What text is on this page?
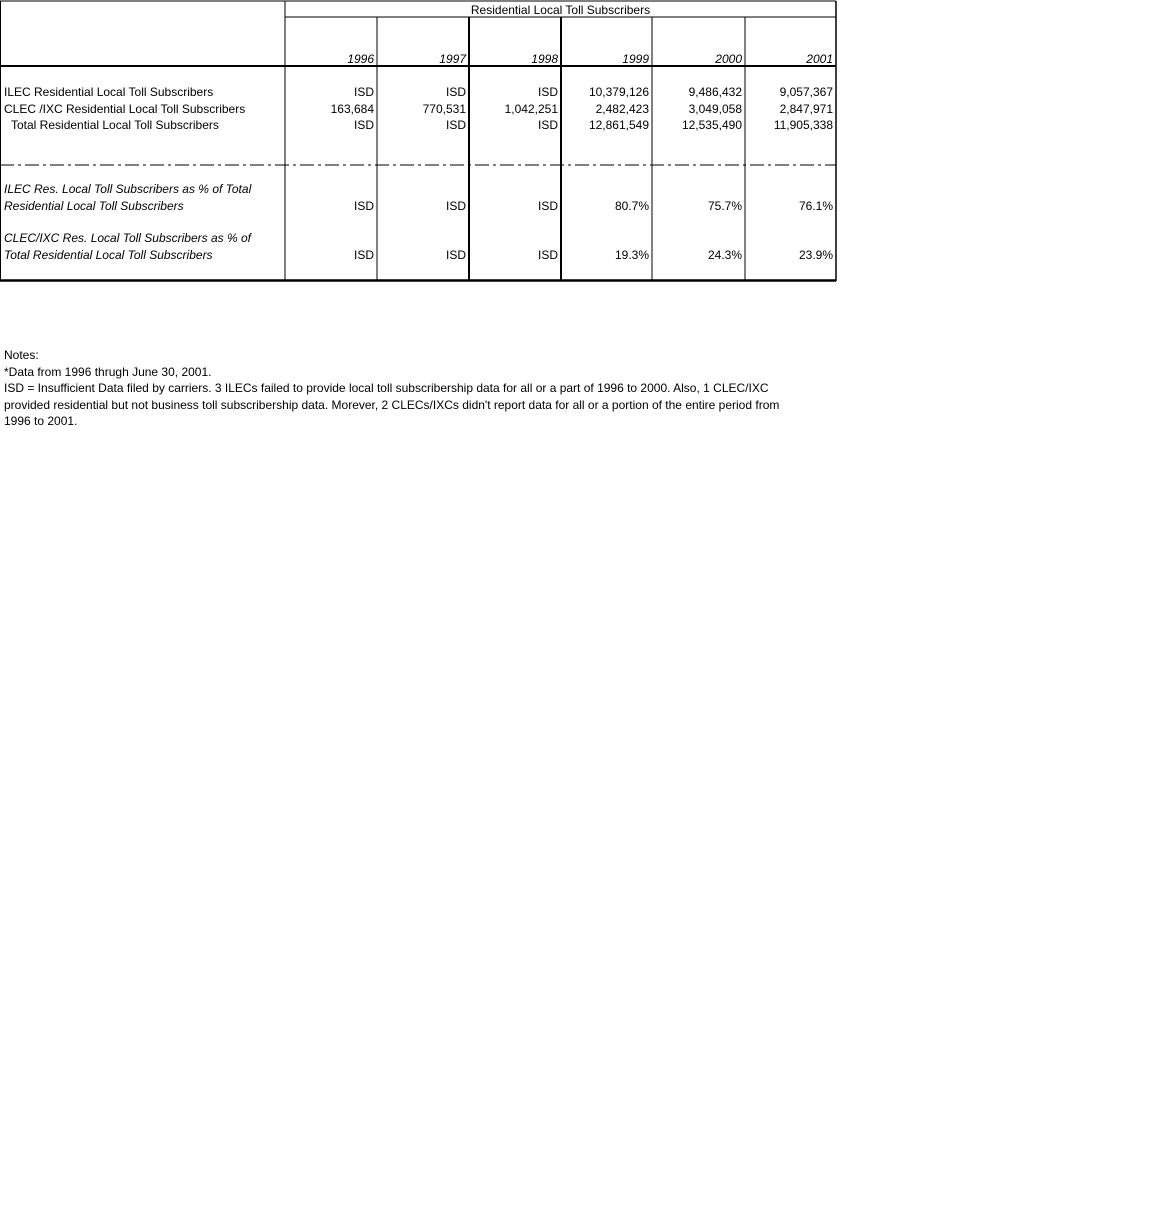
Residential Local Toll Subscribers
1996	1997	1998	1999	2000	2001
ILEC Residential Local Toll Subscribers	ISD	ISD	ISD	10,379,126	9,486,432	9,057,367
CLEC /IXC Residential Local Toll Subscribers	163,684	770,531	1,042,251	2,482,423	3,049,058	2,847,971
Total Residential Local Toll Subscribers	ISD	ISD	ISD	12,861,549	12,535,490	11,905,338
ILEC Res. Local Toll Subscribers as % of Total
Residential Local Toll Subscribers	ISD	ISD	ISD	80.7%	75.7%	76.1%
CLEC/IXC Res. Local Toll Subscribers as % of
Total Residential Local Toll Subscribers	ISD	ISD	ISD	19.3%	24.3%	23.9%
Notes:
*Data from 1996 thrugh June 30, 2001.
ISD = Insufficient Data filed by carriers. 3 ILECs failed to provide local toll subscribership data for all or a part of 1996 to 2000. Also, 1 CLEC/IXC
provided residential but not business toll subscribership data. Morever, 2 CLECs/IXCs didn't report data for all or a portion of the entire period from
1996 to 2001.
